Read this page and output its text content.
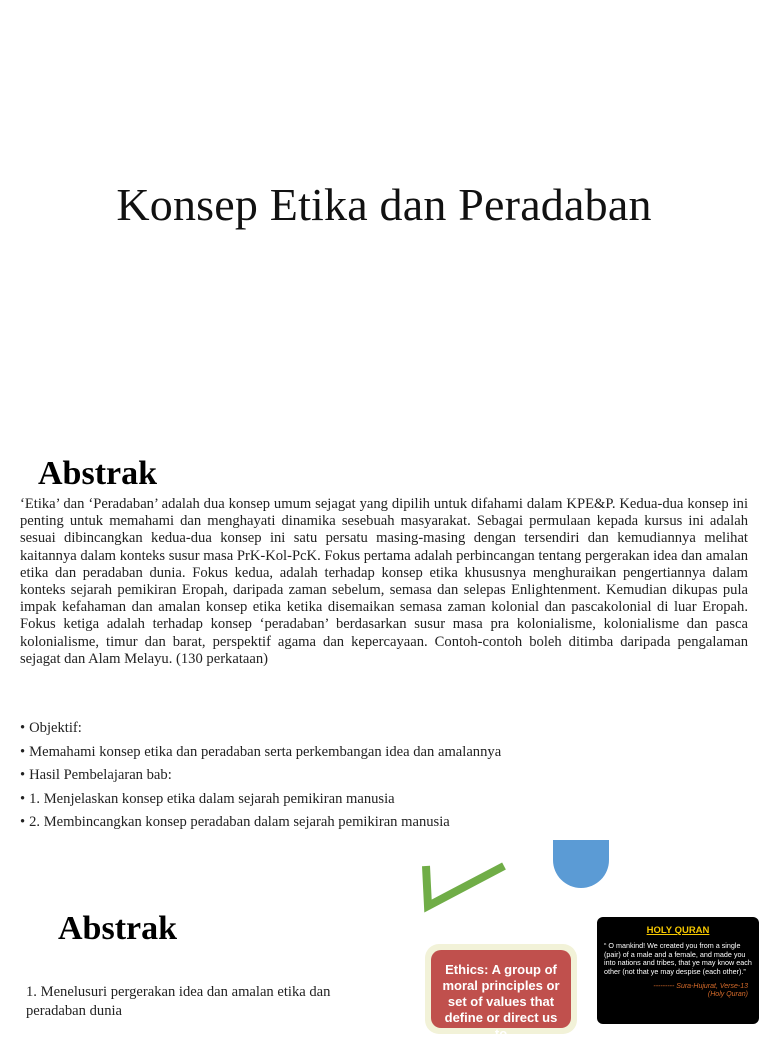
Konsep Etika dan Peradaban
Abstrak

‘Etika’ dan ‘Peradaban’ adalah dua konsep umum sejagat yang dipilih untuk difahami dalam KPE&P. Kedua-dua konsep ini penting untuk memahami dan menghayati dinamika sesebuah masyarakat. Sebagai permulaan kepada kursus ini adalah sesuai dibincangkan kedua-dua konsep ini satu persatu masing-masing dengan tersendiri dan kemudiannya melihat kaitannya dalam konteks susur masa PrK-Kol-PcK. Fokus pertama adalah perbincangan tentang pergerakan idea dan amalan etika dan peradaban dunia. Fokus kedua, adalah terhadap konsep etika khususnya menghuraikan pengertiannya dalam konteks sejarah pemikiran Eropah, daripada zaman sebelum, semasa dan selepas Enlightenment. Kemudian dikupas pula impak kefahaman dan amalan konsep etika ketika disemaikan semasa zaman kolonial dan pascakolonial di luar Eropah. Fokus ketiga adalah terhadap konsep ‘peradaban’ berdasarkan susur masa pra kolonialisme, kolonialisme dan pasca kolonialisme, timur dan barat, perspektif agama dan kepercayaan. Contoh-contoh boleh ditimba daripada pengalaman sejagat dan Alam Melayu. (130 perkataan)

• Objektif:
• Memahami konsep etika dan peradaban serta perkembangan idea dan amalannya
• Hasil Pembelajaran bab:
• 1. Menjelaskan konsep etika dalam sejarah pemikiran manusia
• 2. Membincangkan konsep peradaban dalam sejarah pemikiran manusia
Abstrak

1. Menelusuri pergerakan idea dan amalan etika dan peradaban dunia

Ethics: A group of moral principles or set of values that define or direct us to
HOLY QURAN
“ O mankind! We created you from a single (pair) of a male and a female, and made you into nations and tribes, that ye may know each other (not that ye may despise (each other).”
--------- Sura-Hujurat, Verse-13
(Holy Quran)
